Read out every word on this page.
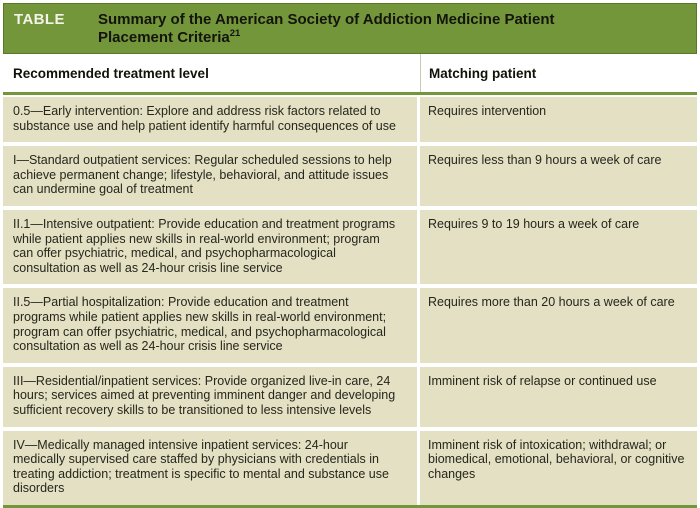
TABLE	Summary of the American Society of Addiction Medicine Patient Placement Criteria$^{21}$
Recommended treatment level	Matching patient
0.5—Early intervention: Explore and address risk factors related to substance use and help patient identify harmful consequences of use
Requires intervention
I—Standard outpatient services: Regular scheduled sessions to help achieve permanent change; lifestyle, behavioral, and attitude issues can undermine goal of treatment
Requires less than 9 hours a week of care
II.1—Intensive outpatient: Provide education and treatment programs while patient applies new skills in real-world environment; program can offer psychiatric, medical, and psychopharmacological consultation as well as 24-hour crisis line service
Requires 9 to 19 hours a week of care
II.5—Partial hospitalization: Provide education and treatment programs while patient applies new skills in real-world environment; program can offer psychiatric, medical, and psychopharmacological consultation as well as 24-hour crisis line service
Requires more than 20 hours a week of care
III—Residential/inpatient services: Provide organized live-in care, 24 hours; services aimed at preventing imminent danger and developing sufficient recovery skills to be transitioned to less intensive levels
Imminent risk of relapse or continued use
IV—Medically managed intensive inpatient services: 24-hour medically supervised care staffed by physicians with credentials in treating addiction; treatment is specific to mental and substance use disorders
Imminent risk of intoxication; withdrawal; or biomedical, emotional, behavioral, or cognitive changes
